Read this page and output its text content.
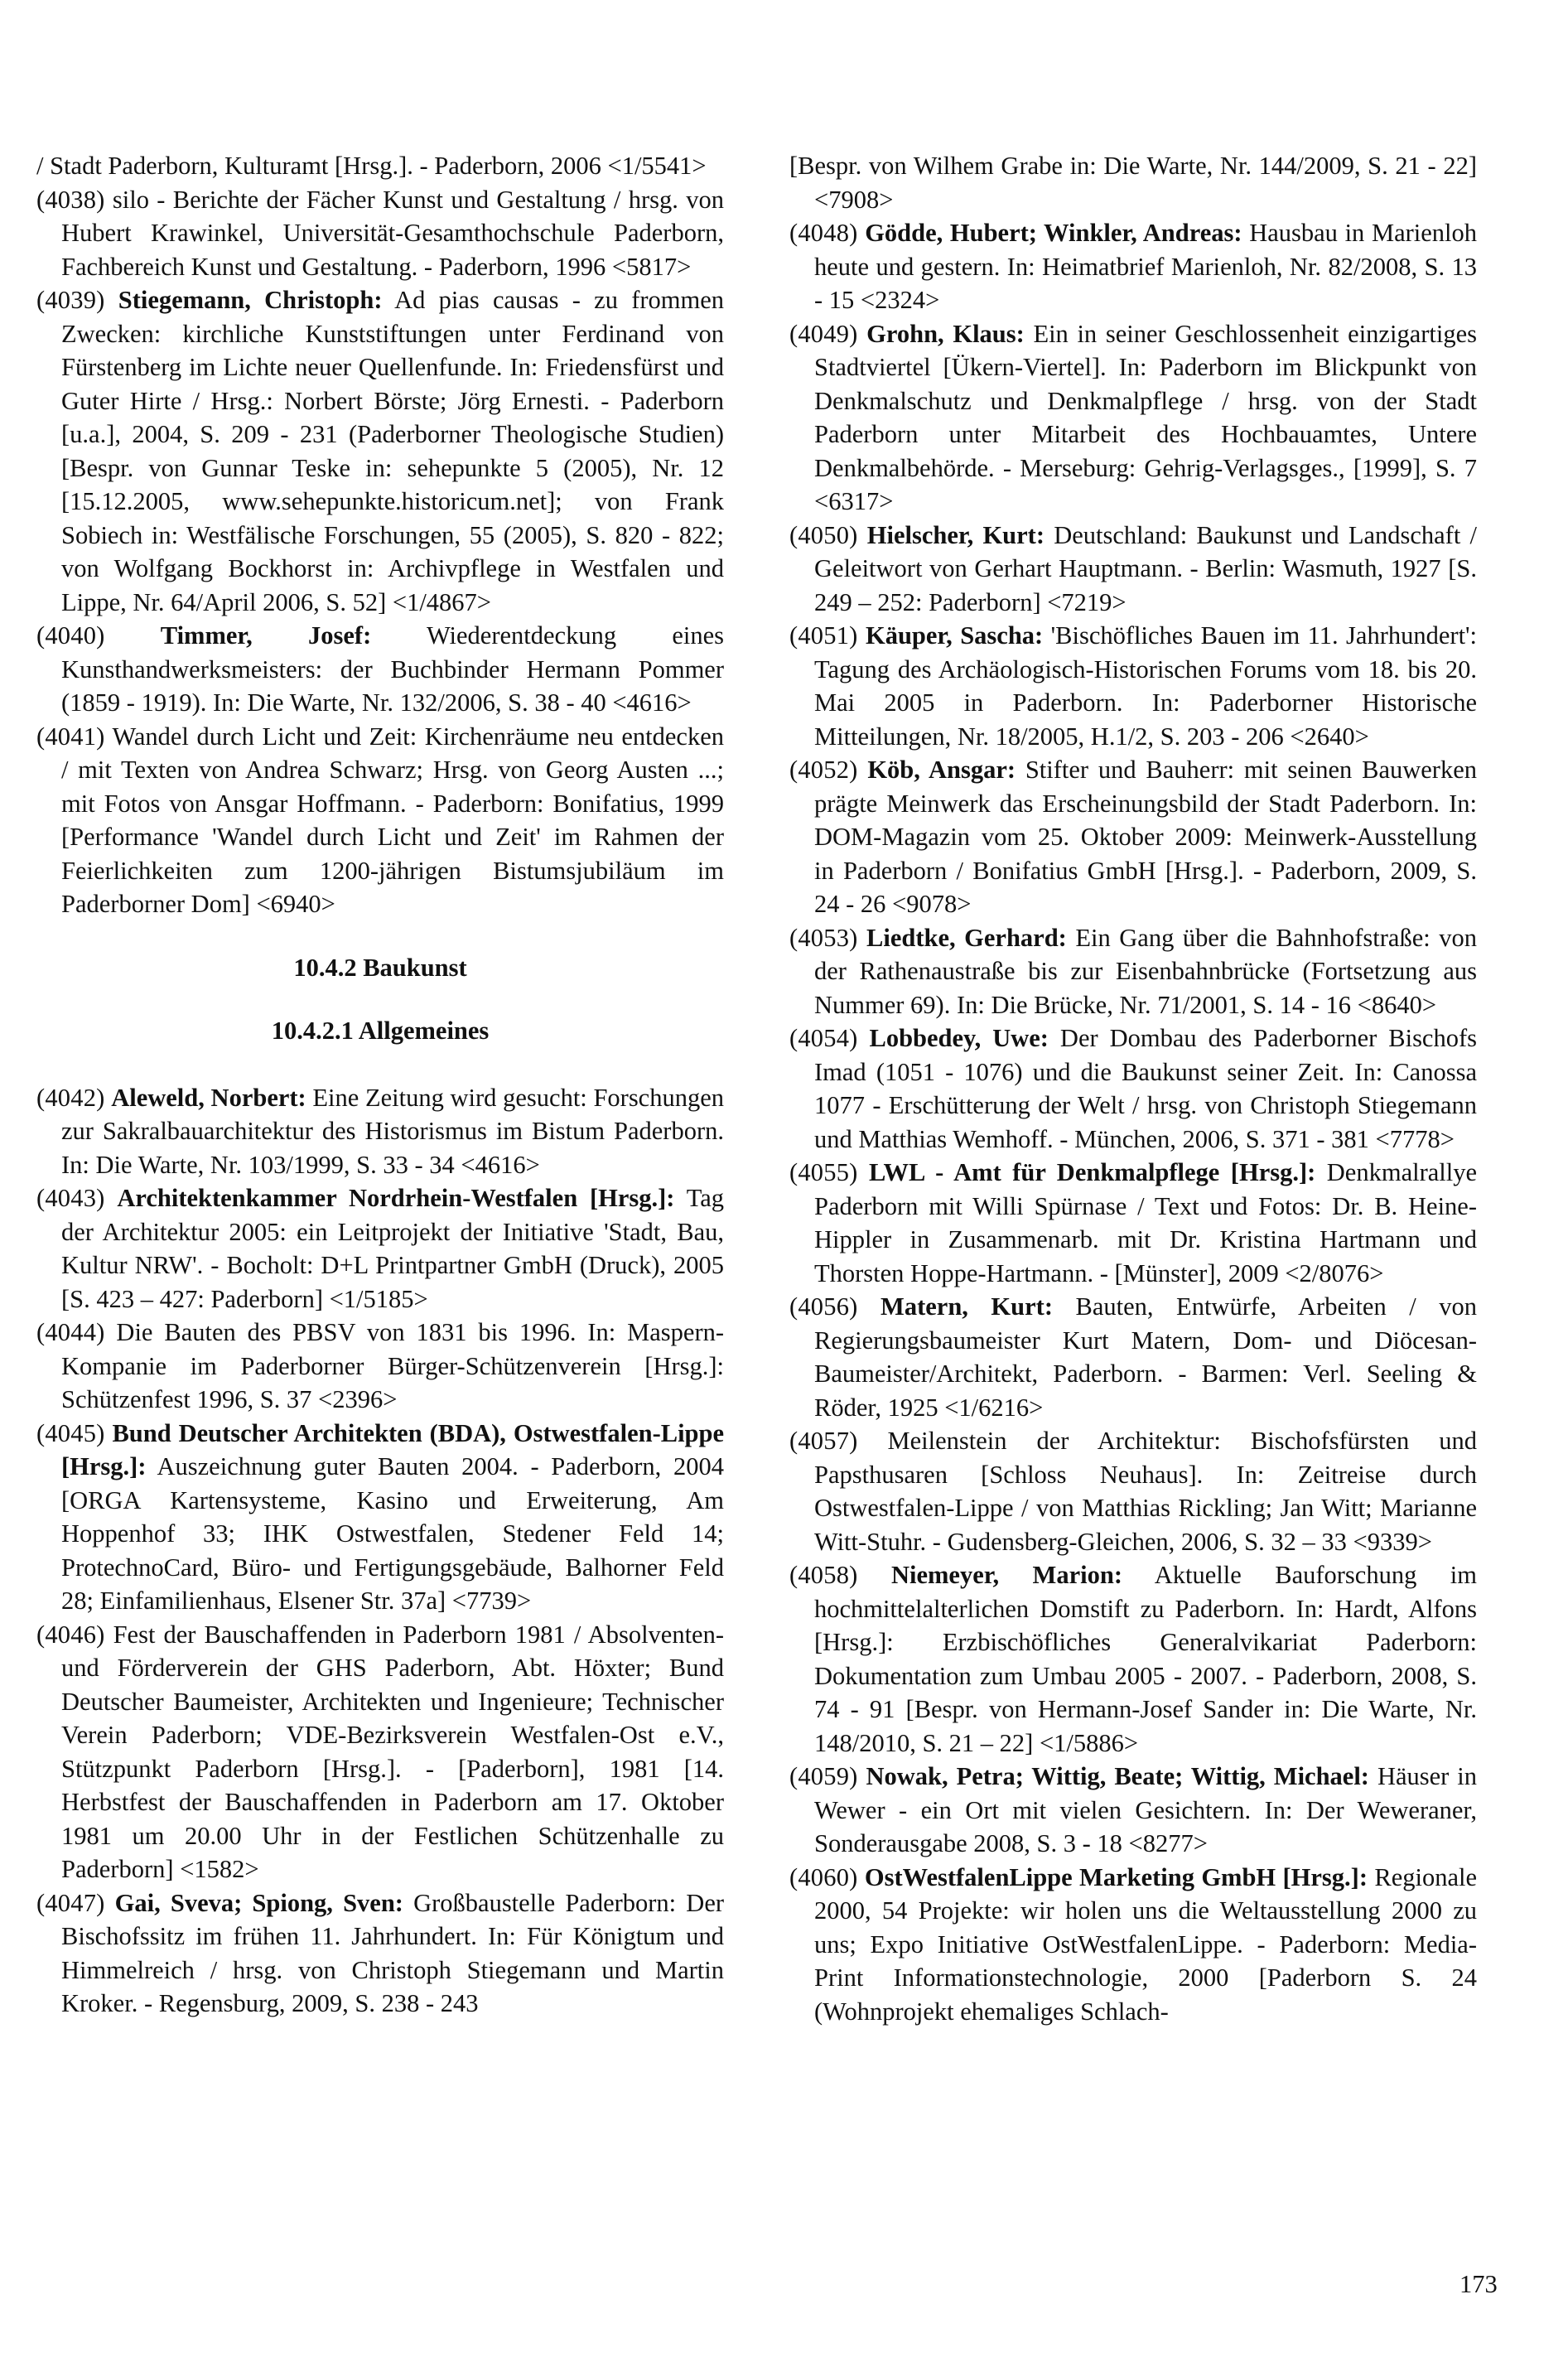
/ Stadt Paderborn, Kulturamt [Hrsg.]. - Paderborn, 2006 <1/5541>

(4038) silo - Berichte der Fächer Kunst und Gestaltung / hrsg. von Hubert Krawinkel, Universität-Gesamthochschule Paderborn, Fachbereich Kunst und Gestaltung. - Paderborn, 1996 <5817>

(4039) Stiegemann, Christoph: Ad pias causas - zu frommen Zwecken: kirchliche Kunststiftungen unter Ferdinand von Fürstenberg im Lichte neuer Quellenfunde. In: Friedensfürst und Guter Hirte / Hrsg.: Norbert Börste; Jörg Ernesti. - Paderborn [u.a.], 2004, S. 209 - 231 (Paderborner Theologische Studien) [Bespr. von Gunnar Teske in: sehepunkte 5 (2005), Nr. 12 [15.12.2005, www.sehepunkte.historicum.net]; von Frank Sobiech in: Westfälische Forschungen, 55 (2005), S. 820 - 822; von Wolfgang Bockhorst in: Archivpflege in Westfalen und Lippe, Nr. 64/April 2006, S. 52] <1/4867>

(4040) Timmer, Josef: Wiederentdeckung eines Kunsthandwerksmeisters: der Buchbinder Hermann Pommer (1859 - 1919). In: Die Warte, Nr. 132/2006, S. 38 - 40 <4616>

(4041) Wandel durch Licht und Zeit: Kirchenräume neu entdecken / mit Texten von Andrea Schwarz; Hrsg. von Georg Austen ...; mit Fotos von Ansgar Hoffmann. - Paderborn: Bonifatius, 1999 [Performance 'Wandel durch Licht und Zeit' im Rahmen der Feierlichkeiten zum 1200-jährigen Bistumsjubiläum im Paderborner Dom] <6940>

10.4.2 Baukunst

10.4.2.1 Allgemeines

(4042) Aleweld, Norbert: Eine Zeitung wird gesucht: Forschungen zur Sakralbauarchitektur des Historismus im Bistum Paderborn. In: Die Warte, Nr. 103/1999, S. 33 - 34 <4616>

(4043) Architektenkammer Nordrhein-Westfalen [Hrsg.]: Tag der Architektur 2005: ein Leitprojekt der Initiative 'Stadt, Bau, Kultur NRW'. - Bocholt: D+L Printpartner GmbH (Druck), 2005 [S. 423 – 427: Paderborn] <1/5185>

(4044) Die Bauten des PBSV von 1831 bis 1996. In: Maspern-Kompanie im Paderborner Bürger-Schützenverein [Hrsg.]: Schützenfest 1996, S. 37 <2396>

(4045) Bund Deutscher Architekten (BDA), Ostwestfalen-Lippe [Hrsg.]: Auszeichnung guter Bauten 2004. - Paderborn, 2004 [ORGA Kartensysteme, Kasino und Erweiterung, Am Hoppenhof 33; IHK Ostwestfalen, Stedener Feld 14; ProtechnoCard, Büro- und Fertigungsgebäude, Balhorner Feld 28; Einfamilienhaus, Elsener Str. 37a] <7739>

(4046) Fest der Bauschaffenden in Paderborn 1981 / Absolventen- und Förderverein der GHS Paderborn, Abt. Höxter; Bund Deutscher Baumeister, Architekten und Ingenieure; Technischer Verein Paderborn; VDE-Bezirksverein Westfalen-Ost e.V., Stützpunkt Paderborn [Hrsg.]. - [Paderborn], 1981 [14. Herbstfest der Bauschaffenden in Paderborn am 17. Oktober 1981 um 20.00 Uhr in der Festlichen Schützenhalle zu Paderborn] <1582>

(4047) Gai, Sveva; Spiong, Sven: Großbaustelle Paderborn: Der Bischofssitz im frühen 11. Jahrhundert. In: Für Königtum und Himmelreich / hrsg. von Christoph Stiegemann und Martin Kroker. - Regensburg, 2009, S. 238 - 243

[Bespr. von Wilhem Grabe in: Die Warte, Nr. 144/2009, S. 21 - 22] <7908>

(4048) Gödde, Hubert; Winkler, Andreas: Hausbau in Marienloh heute und gestern. In: Heimatbrief Marienloh, Nr. 82/2008, S. 13 - 15 <2324>

(4049) Grohn, Klaus: Ein in seiner Geschlossenheit einzigartiges Stadtviertel [Ükern-Viertel]. In: Paderborn im Blickpunkt von Denkmalschutz und Denkmalpflege / hrsg. von der Stadt Paderborn unter Mitarbeit des Hochbauamtes, Untere Denkmalbehörde. - Merseburg: Gehrig-Verlagsges., [1999], S. 7 <6317>

(4050) Hielscher, Kurt: Deutschland: Baukunst und Landschaft / Geleitwort von Gerhart Hauptmann. - Berlin: Wasmuth, 1927 [S. 249 – 252: Paderborn] <7219>

(4051) Käuper, Sascha: 'Bischöfliches Bauen im 11. Jahrhundert': Tagung des Archäologisch-Historischen Forums vom 18. bis 20. Mai 2005 in Paderborn. In: Paderborner Historische Mitteilungen, Nr. 18/2005, H.1/2, S. 203 - 206 <2640>

(4052) Köb, Ansgar: Stifter und Bauherr: mit seinen Bauwerken prägte Meinwerk das Erscheinungsbild der Stadt Paderborn. In: DOM-Magazin vom 25. Oktober 2009: Meinwerk-Ausstellung in Paderborn / Bonifatius GmbH [Hrsg.]. - Paderborn, 2009, S. 24 - 26 <9078>

(4053) Liedtke, Gerhard: Ein Gang über die Bahnhofstraße: von der Rathenaustraße bis zur Eisenbahnbrücke (Fortsetzung aus Nummer 69). In: Die Brücke, Nr. 71/2001, S. 14 - 16 <8640>

(4054) Lobbedey, Uwe: Der Dombau des Paderborner Bischofs Imad (1051 - 1076) und die Baukunst seiner Zeit. In: Canossa 1077 - Erschütterung der Welt / hrsg. von Christoph Stiegemann und Matthias Wemhoff. - München, 2006, S. 371 - 381 <7778>

(4055) LWL - Amt für Denkmalpflege [Hrsg.]: Denkmalrallye Paderborn mit Willi Spürnase / Text und Fotos: Dr. B. Heine-Hippler in Zusammenarb. mit Dr. Kristina Hartmann und Thorsten Hoppe-Hartmann. - [Münster], 2009 <2/8076>

(4056) Matern, Kurt: Bauten, Entwürfe, Arbeiten / von Regierungsbaumeister Kurt Matern, Dom- und Diöcesan-Baumeister/Architekt, Paderborn. - Barmen: Verl. Seeling & Röder, 1925 <1/6216>

(4057) Meilenstein der Architektur: Bischofsfürsten und Papsthusaren [Schloss Neuhaus]. In: Zeitreise durch Ostwestfalen-Lippe / von Matthias Rickling; Jan Witt; Marianne Witt-Stuhr. - Gudensberg-Gleichen, 2006, S. 32 – 33 <9339>

(4058) Niemeyer, Marion: Aktuelle Bauforschung im hochmittelalterlichen Domstift zu Paderborn. In: Hardt, Alfons [Hrsg.]: Erzbischöfliches Generalvikariat Paderborn: Dokumentation zum Umbau 2005 - 2007. - Paderborn, 2008, S. 74 - 91 [Bespr. von Hermann-Josef Sander in: Die Warte, Nr. 148/2010, S. 21 – 22] <1/5886>

(4059) Nowak, Petra; Wittig, Beate; Wittig, Michael: Häuser in Wewer - ein Ort mit vielen Gesichtern. In: Der Weweraner, Sonderausgabe 2008, S. 3 - 18 <8277>

(4060) OstWestfalenLippe Marketing GmbH [Hrsg.]: Regionale 2000, 54 Projekte: wir holen uns die Weltausstellung 2000 zu uns; Expo Initiative OstWestfalenLippe. - Paderborn: Media-Print Informationstechnologie, 2000 [Paderborn S. 24 (Wohnprojekt ehemaliges Schlach-

173
